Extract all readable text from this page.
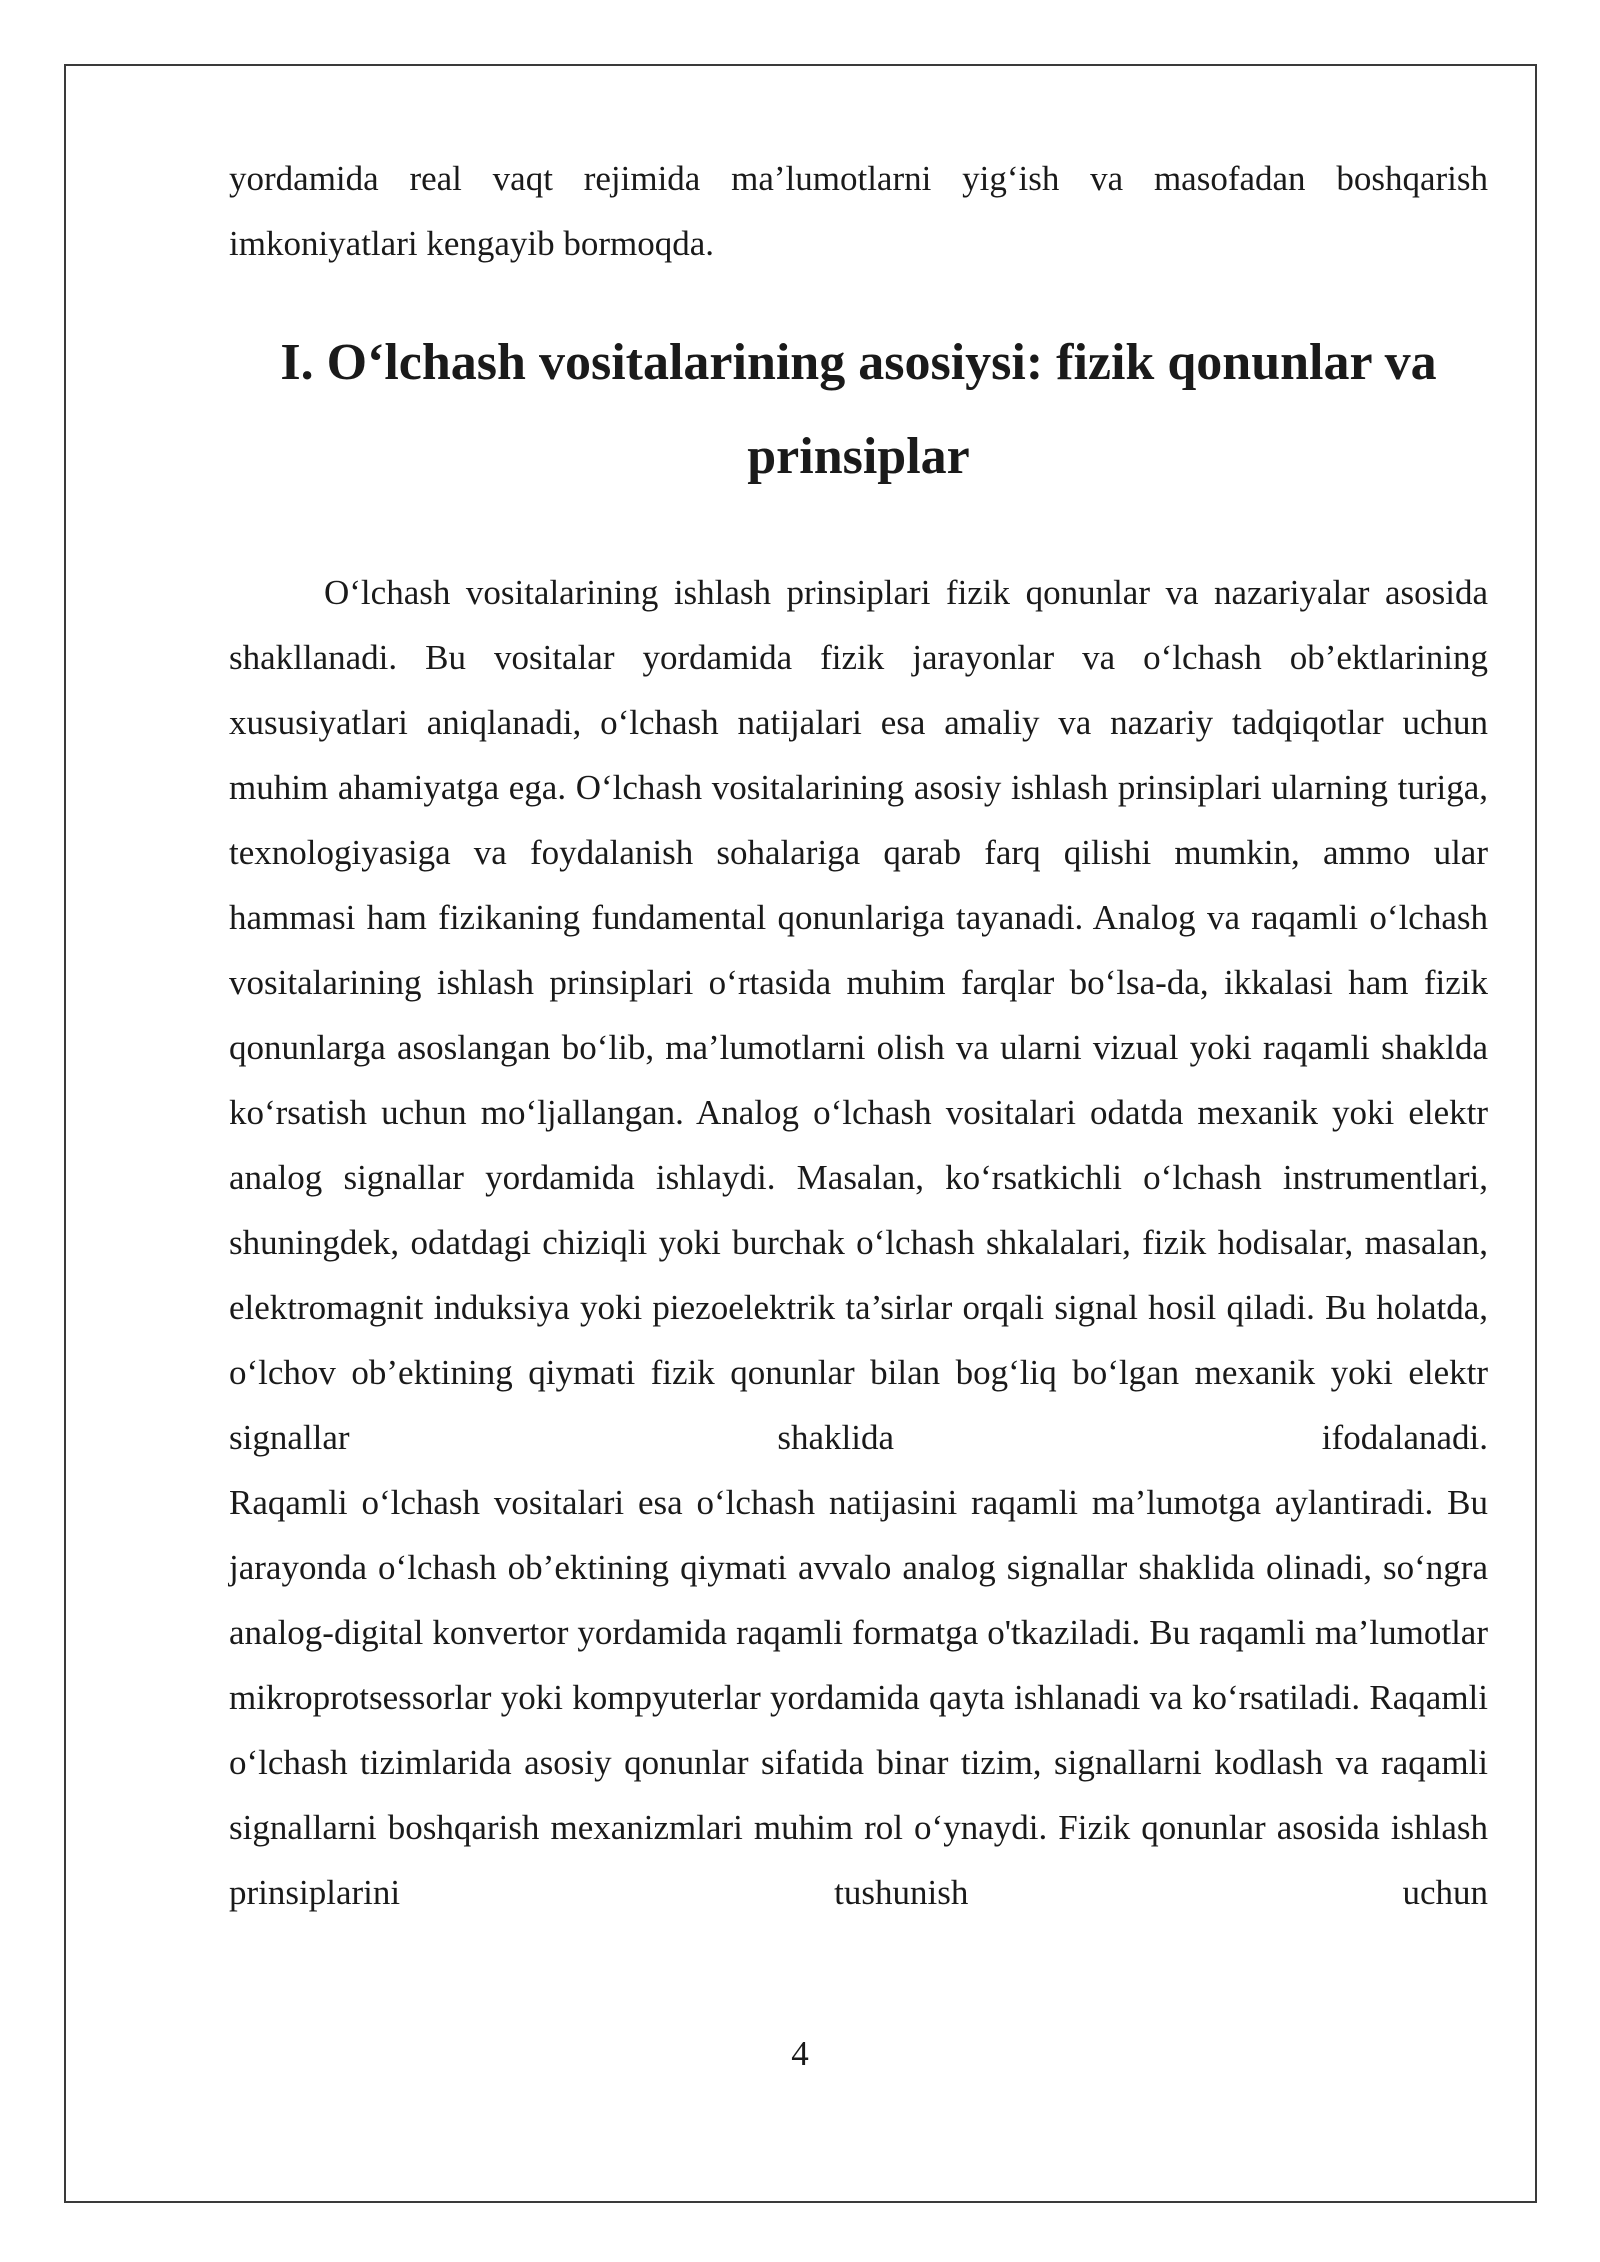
yordamida real vaqt rejimida ma’lumotlarni yig‘ish va masofadan boshqarish imkoniyatlari kengayib bormoqda.

I. O‘lchash vositalarining asosiysi: fizik qonunlar va prinsiplar

O‘lchash vositalarining ishlash prinsiplari fizik qonunlar va nazariyalar asosida shakllanadi. Bu vositalar yordamida fizik jarayonlar va o‘lchash ob’ektlarining xususiyatlari aniqlanadi, o‘lchash natijalari esa amaliy va nazariy tadqiqotlar uchun muhim ahamiyatga ega. O‘lchash vositalarining asosiy ishlash prinsiplari ularning turiga, texnologiyasiga va foydalanish sohalariga qarab farq qilishi mumkin, ammo ular hammasi ham fizikaning fundamental qonunlariga tayanadi. Analog va raqamli o‘lchash vositalarining ishlash prinsiplari o‘rtasida muhim farqlar bo‘lsa-da, ikkalasi ham fizik qonunlarga asoslangan bo‘lib, ma’lumotlarni olish va ularni vizual yoki raqamli shaklda ko‘rsatish uchun mo‘ljallangan. Analog o‘lchash vositalari odatda mexanik yoki elektr analog signallar yordamida ishlaydi. Masalan, ko‘rsatkichli o‘lchash instrumentlari, shuningdek, odatdagi chiziqli yoki burchak o‘lchash shkalalari, fizik hodisalar, masalan, elektromagnit induksiya yoki piezoelektrik ta’sirlar orqali signal hosil qiladi. Bu holatda, o‘lchov ob’ektining qiymati fizik qonunlar bilan bog‘liq bo‘lgan mexanik yoki elektr signallar shaklida ifodalanadi.

Raqamli o‘lchash vositalari esa o‘lchash natijasini raqamli ma’lumotga aylantiradi. Bu jarayonda o‘lchash ob’ektining qiymati avvalo analog signallar shaklida olinadi, so‘ngra analog-digital konvertor yordamida raqamli formatga o'tkaziladi. Bu raqamli ma’lumotlar mikroprotsessorlar yoki kompyuterlar yordamida qayta ishlanadi va ko‘rsatiladi. Raqamli o‘lchash tizimlarida asosiy qonunlar sifatida binar tizim, signallarni kodlash va raqamli signallarni boshqarish mexanizmlari muhim rol o‘ynaydi. Fizik qonunlar asosida ishlash prinsiplarini tushunish uchun

4
